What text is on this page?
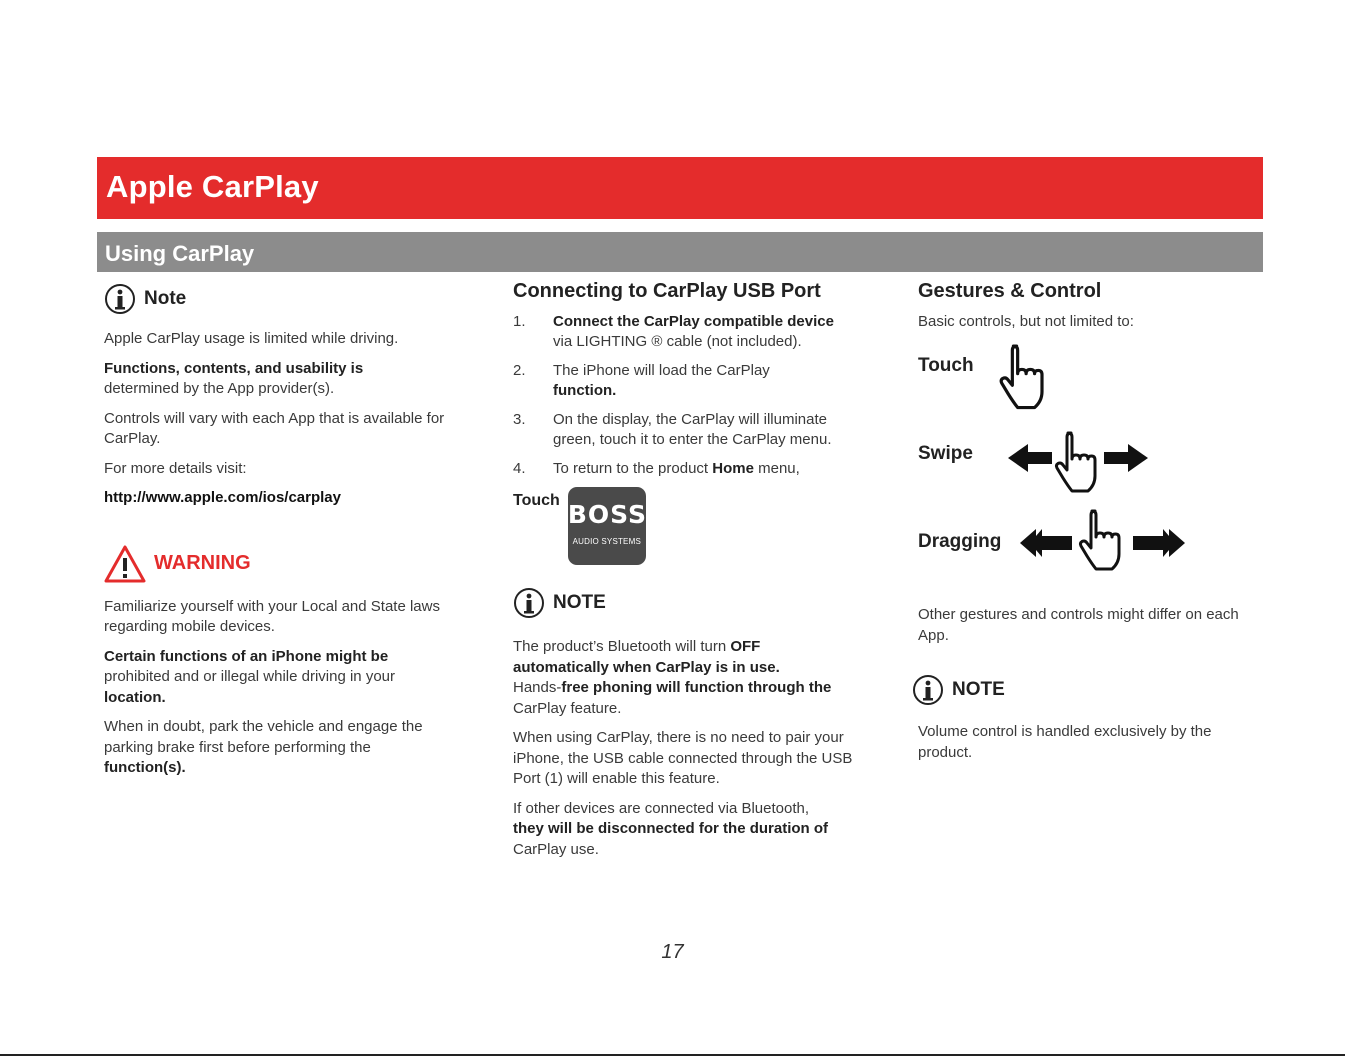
Apple CarPlay
Using CarPlay
Note

Apple CarPlay usage is limited while driving.

Functions, contents, and usability is
determined by the App provider(s).

Controls will vary with each App that is available for CarPlay.

For more details visit:

http://www.apple.com/ios/carplay

WARNING

Familiarize yourself with your Local and State laws regarding mobile devices.

Certain functions of an iPhone might be
prohibited and or illegal while driving in your
location.

When in doubt, park the vehicle and engage the parking brake first before performing the
function(s).

Connecting to CarPlay USB Port
1.	Connect the CarPlay compatible device
via LIGHTING ® cable (not included).
2.	The iPhone will load the CarPlay
function.
3.	On the display, the CarPlay will illuminate green, touch it to enter the CarPlay menu.
4.	To return to the product Home menu,
Touch BOSS
AUDIO SYSTEMS
NOTE

The product’s Bluetooth will turn OFF
automatically when CarPlay is in use.
Hands-free phoning will function through the
CarPlay feature.

When using CarPlay, there is no need to pair your iPhone, the USB cable connected through the USB Port (1) will enable this feature.

If other devices are connected via Bluetooth,
they will be disconnected for the duration of
CarPlay use.

Gestures & Control

Basic controls, but not limited to:

Touch
Swipe
Dragging

Other gestures and controls might differ on each App.

NOTE

Volume control is handled exclusively by the product.

17
